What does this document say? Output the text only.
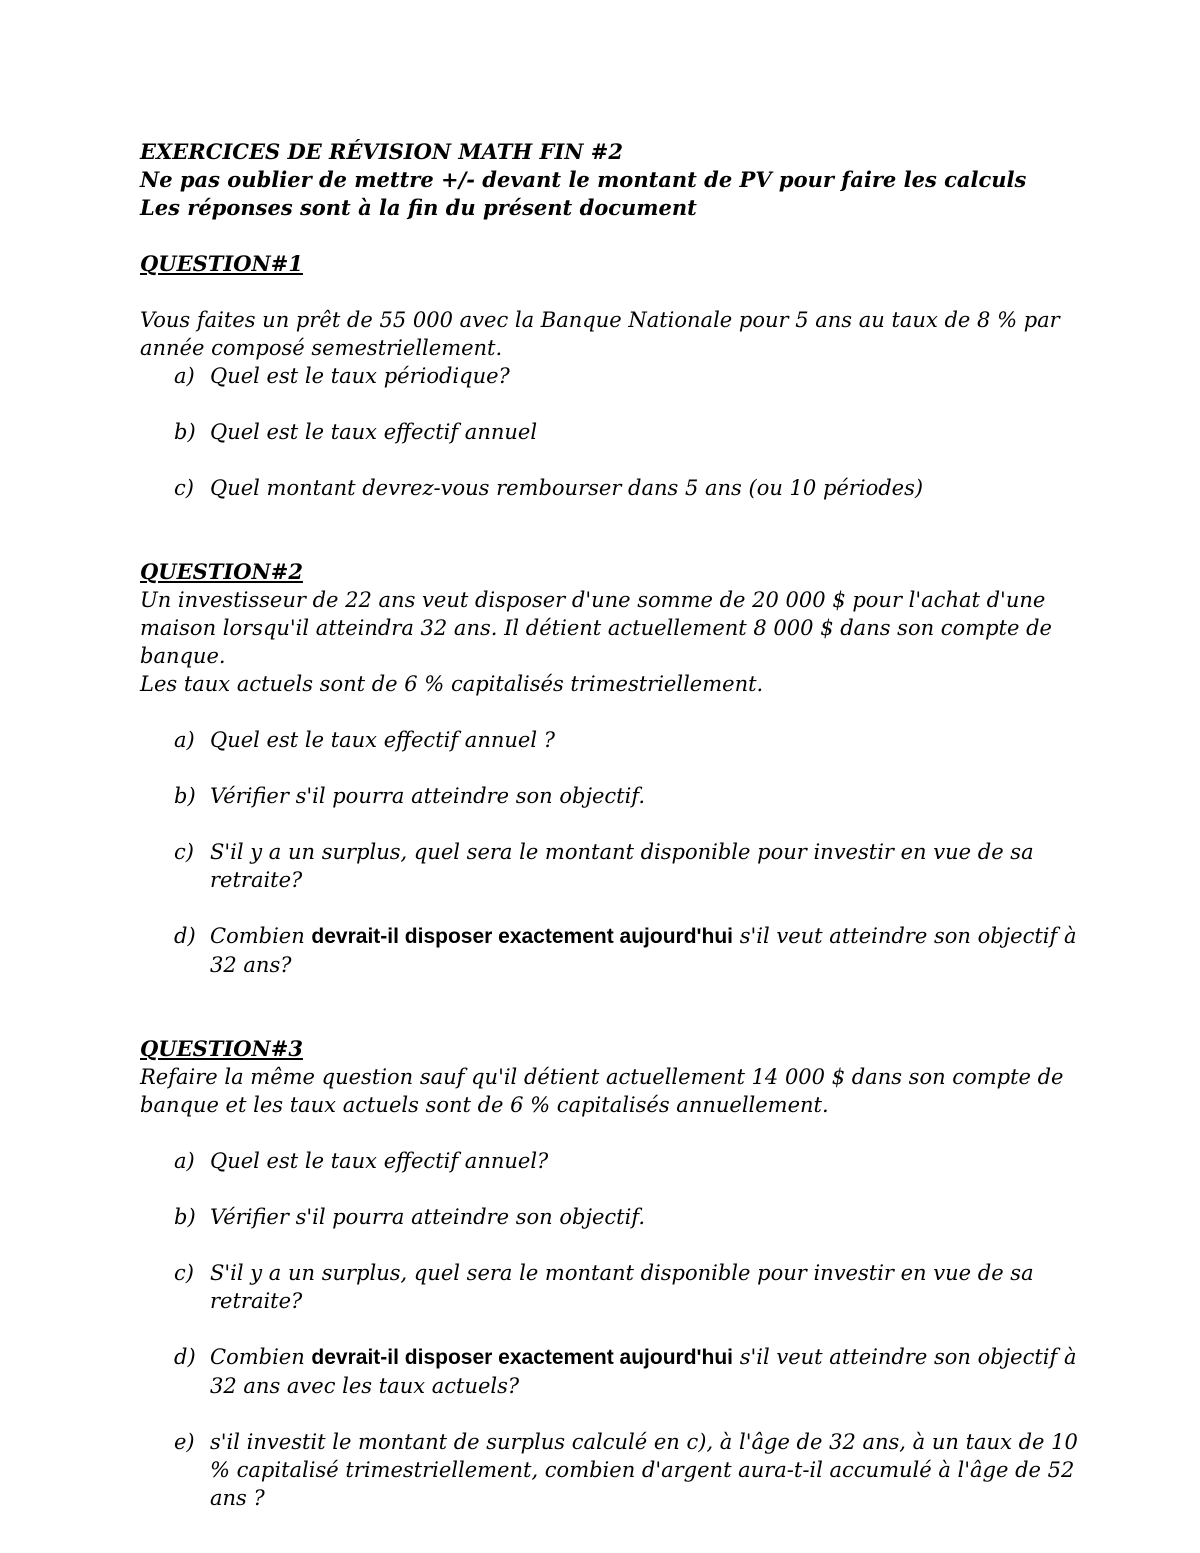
EXERCICES DE RÉVISION MATH FIN #2
Ne pas oublier de mettre +/- devant le montant de PV pour faire les calculs
Les réponses sont à la fin du présent document
QUESTION#1

Vous faites un prêt de 55 000 avec la Banque Nationale pour 5 ans au taux de 8 % par année composé semestriellement.

a) Quel est le taux périodique?
b) Quel est le taux effectif annuel
c) Quel montant devrez-vous rembourser dans 5 ans (ou 10 périodes)
QUESTION#2

Un investisseur de 22 ans veut disposer d'une somme de 20 000 $ pour l'achat d'une maison lorsqu'il atteindra 32 ans. Il détient actuellement 8 000 $ dans son compte de banque.

Les taux actuels sont de 6 % capitalisés trimestriellement.

a) Quel est le taux effectif annuel ?
b) Vérifier s'il pourra atteindre son objectif.
c) S'il y a un surplus, quel sera le montant disponible pour investir en vue de sa retraite?
d) Combien devrait-il disposer exactement aujourd'hui s'il veut atteindre son objectif à 32 ans?
QUESTION#3

Refaire la même question sauf qu'il détient actuellement 14 000 $ dans son compte de banque et les taux actuels sont de 6 % capitalisés annuellement.

a) Quel est le taux effectif annuel?
b) Vérifier s'il pourra atteindre son objectif.
c) S'il y a un surplus, quel sera le montant disponible pour investir en vue de sa retraite?
d) Combien devrait-il disposer exactement aujourd'hui s'il veut atteindre son objectif à 32 ans avec les taux actuels?
e) s'il investit le montant de surplus calculé en c), à l'âge de 32 ans, à un taux de 10 % capitalisé trimestriellement, combien d'argent aura-t-il accumulé à l'âge de 52 ans ?
